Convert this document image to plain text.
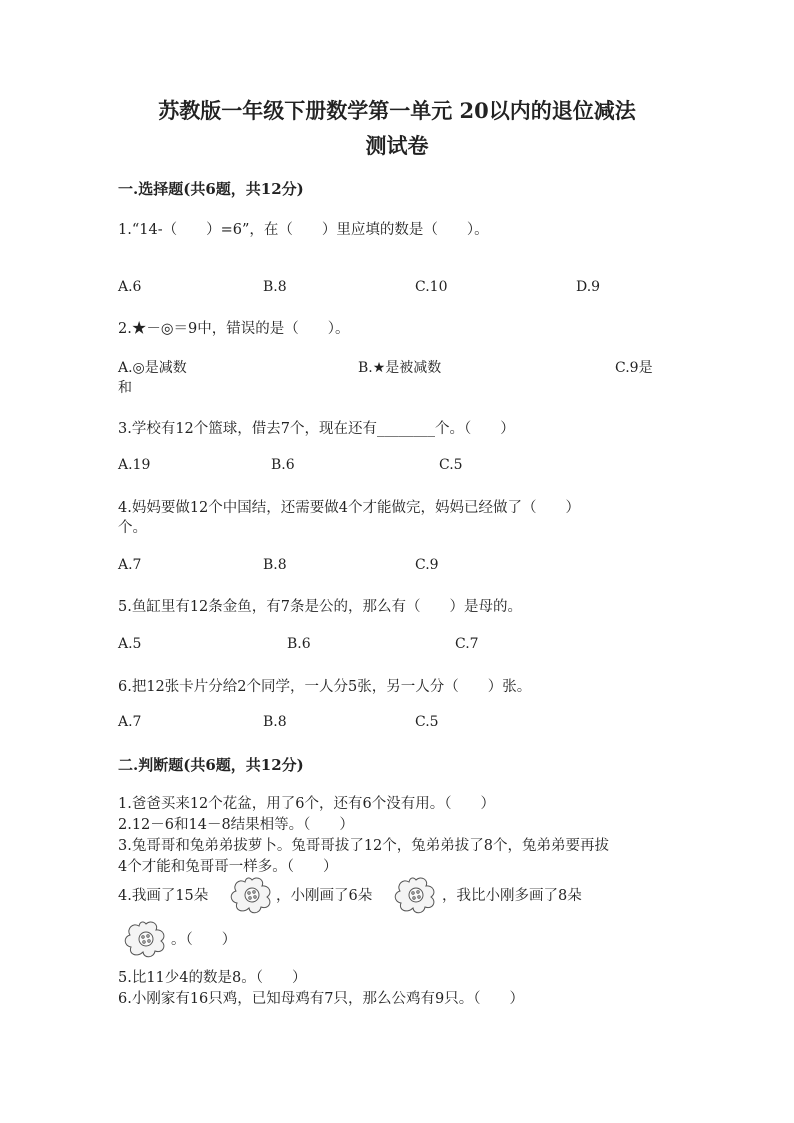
苏教版一年级下册数学第一单元 20以内的退位减法
测试卷
一.选择题(共6题，共12分)
1.“14-（　　）=6”，在（　　）里应填的数是（　　）。
A.6	B.8	C.10	D.9
2.★－◎＝9中，错误的是（　　）。
A.◎是减数	B.★是被减数	C.9是
和
3.学校有12个篮球，借去7个，现在还有________个。（　　）
A.19	B.6	C.5
4.妈妈要做12个中国结，还需要做4个才能做完，妈妈已经做了（　　）
个。
A.7	B.8	C.9
5.鱼缸里有12条金鱼，有7条是公的，那么有（　　）是母的。
A.5	B.6	C.7
6.把12张卡片分给2个同学，一人分5张，另一人分（　　）张。
A.7	B.8	C.5
二.判断题(共6题，共12分)
1.爸爸买来12个花盆，用了6个，还有6个没有用。（　　）
2.12－6和14－8结果相等。（　　）
3.兔哥哥和兔弟弟拔萝卜。兔哥哥拔了12个，兔弟弟拔了8个，兔弟弟要再拔
4个才能和兔哥哥一样多。（　　）
4.我画了15朵	，小刚画了6朵	，我比小刚多画了8朵
。（　　）
5.比11少4的数是8。（　　）
6.小刚家有16只鸡，已知母鸡有7只，那么公鸡有9只。（　　）
